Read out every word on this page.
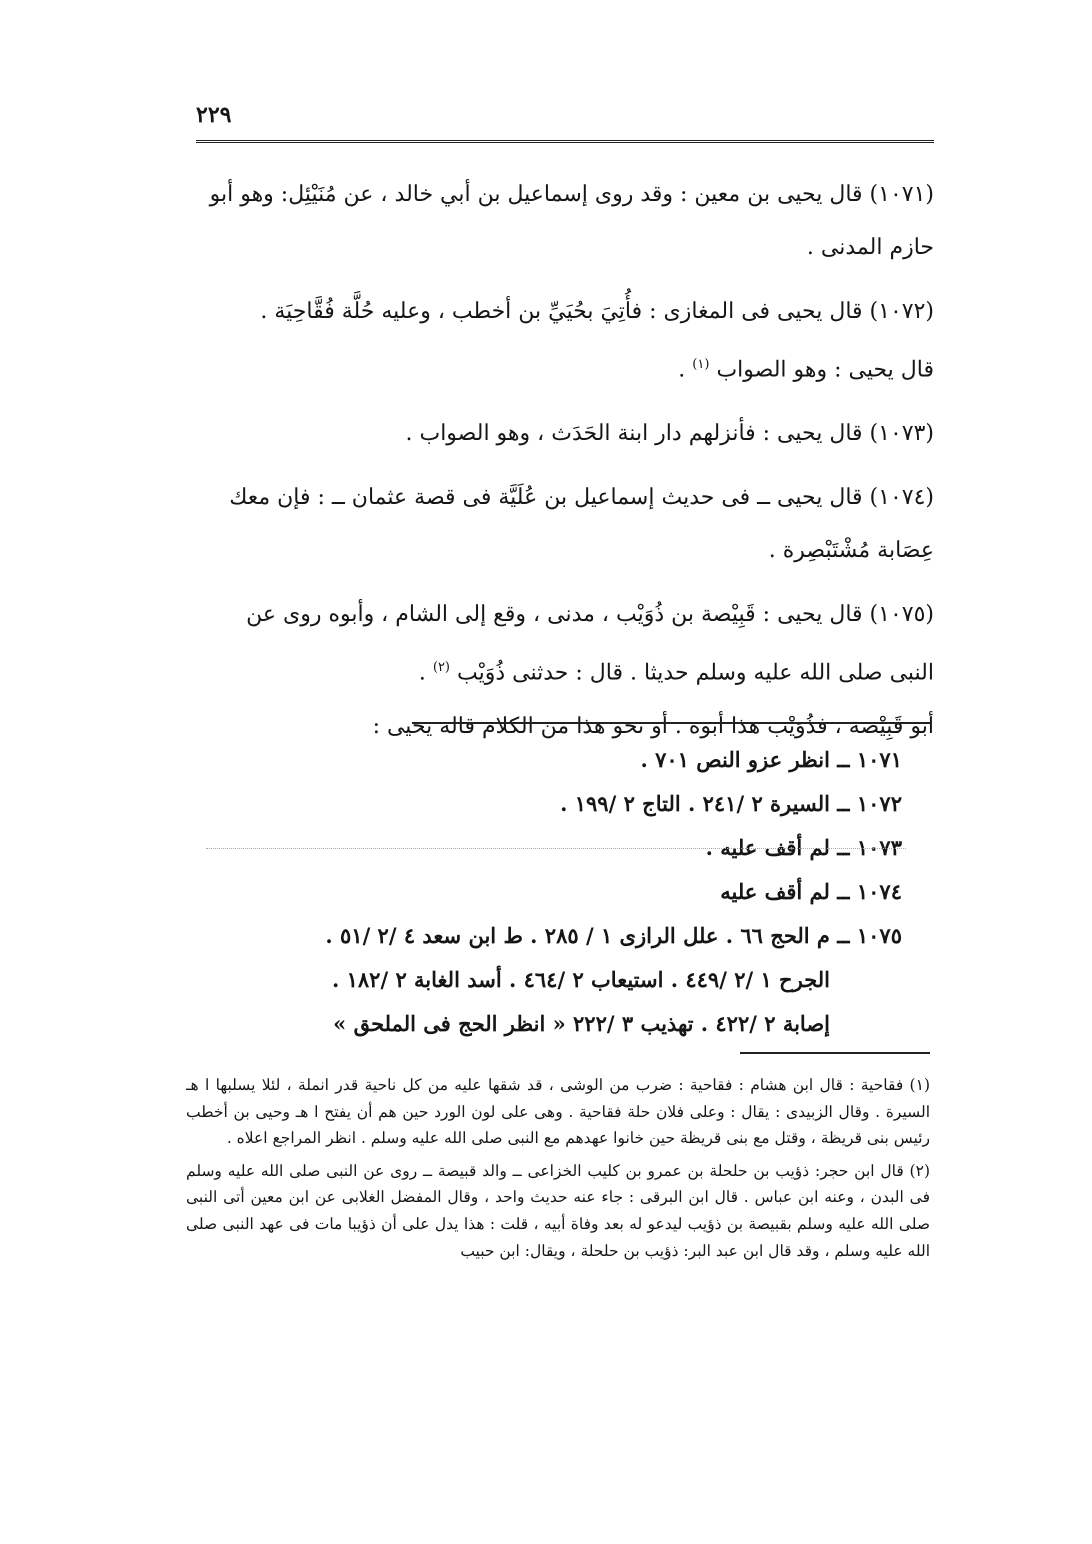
٢٢٩

(١٠٧١) قال يحيى بن معين : وقد روى إسماعيل بن أبي خالد ، عن مُنَيْئِل: وهو أبو حازم المدنى .

(١٠٧٢) قال يحيى فى المغازى : فأُتِيَ بحُيَيِّ بن أخطب ، وعليه حُلَّة فُقَّاحِيَة .

قال يحيى : وهو الصواب $^{(١)}$ .

(١٠٧٣) قال يحيى : فأنزلهم دار ابنة الحَدَث ، وهو الصواب .

(١٠٧٤) قال يحيى ــ فى حديث إسماعيل بن عُلَيَّة فى قصة عثمان ــ : فإن معك عِصَابة مُشْتَبْصِرة .

(١٠٧٥) قال يحيى : قَبِيْصة بن ذُوَيْب ، مدنى ، وقع إلى الشام ، وأبوه روى عن النبى صلى الله عليه وسلم حديثا . قال : حدثنى ذُوَيْب $^{(٢)}$ .

أبو قَبِيْصة ، فذُوَيْب هذا أبوه . أو نحو هذا من الكلام قاله يحيى :

١٠٧١ ــ انظر عزو النص ٧٠١ .

١٠٧٢ ــ السيرة ٢ /٢٤١ . التاج ٢ /١٩٩ .

١٠٧٣ ــ لم أقف عليه .

١٠٧٤ ــ لم أقف عليه

١٠٧٥ ــ م الحج ٦٦ . علل الرازى ١ / ٢٨٥ . ط ابن سعد ٤ /٢ /٥١ .

الجرح ١ /٢ /٤٤٩ . استيعاب ٢ /٤٦٤ . أسد الغابة ٢ /١٨٢ .

إصابة ٢ /٤٢٢ . تهذيب ٣ /٢٢٢ « انظر الحج فى الملحق »

(١) فقاحية : قال ابن هشام : فقاحية : ضرب من الوشى ، قد شقها عليه من كل ناحية قدر انملة ، لئلا يسلبها ا هـ السيرة . وقال الزبيدى : يقال : وعلى فلان حلة فقاحية . وهى على لون الورد حين هم أن يفتح ا هـ وحيى بن أخطب رئيس بنى قريظة ، وقتل مع بنى قريظة حين خانوا عهدهم مع النبى صلى الله عليه وسلم . انظر المراجع اعلاه .

(٢) قال ابن حجر: ذؤيب بن حلحلة بن عمرو بن كليب الخزاعى ــ والد قبيصة ــ روى عن النبى صلى الله عليه وسلم فى البدن ، وعنه ابن عباس . قال ابن البرقى : جاء عنه حديث واحد ، وقال المفضل الغلابى عن ابن معين أتى النبى صلى الله عليه وسلم بقبيصة بن ذؤيب ليدعو له بعد وفاة أبيه ، قلت : هذا يدل على أن ذؤيبا مات فى عهد النبى صلى الله عليه وسلم ، وقد قال ابن عبد البر: ذؤيب بن حلحلة ، ويقال: ابن حبيب
